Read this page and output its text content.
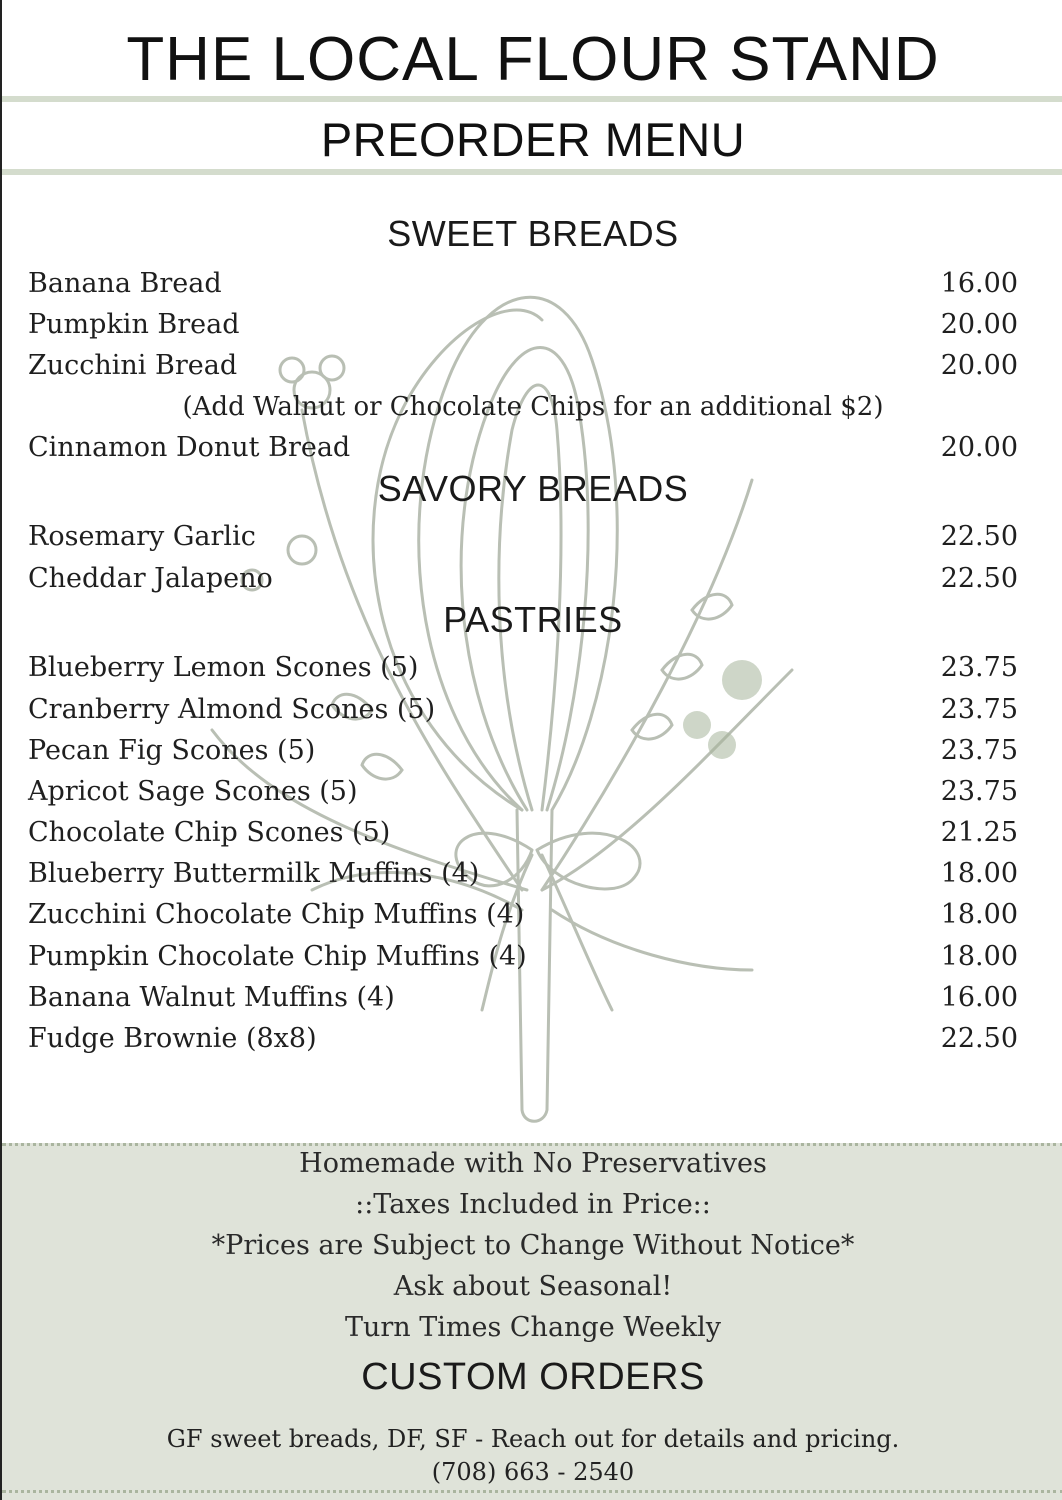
THE LOCAL FLOUR STAND
PREORDER MENU
SWEET BREADS
Banana Bread	16.00
Pumpkin Bread	20.00
Zucchini Bread	20.00
(Add Walnut or Chocolate Chips for an additional $2)
Cinnamon Donut Bread	20.00
SAVORY BREADS
Rosemary Garlic	22.50
Cheddar Jalapeno	22.50
PASTRIES
Blueberry Lemon Scones (5)	23.75
Cranberry Almond Scones (5)	23.75
Pecan Fig Scones (5)	23.75
Apricot Sage Scones (5)	23.75
Chocolate Chip Scones (5)	21.25
Blueberry Buttermilk Muffins (4)	18.00
Zucchini Chocolate Chip Muffins (4)	18.00
Pumpkin Chocolate Chip Muffins (4)	18.00
Banana Walnut Muffins (4)	16.00
Fudge Brownie (8x8)	22.50
Homemade with No Preservatives
::Taxes Included in Price::
*Prices are Subject to Change Without Notice*
Ask about Seasonal!
Turn Times Change Weekly
CUSTOM ORDERS
GF sweet breads, DF, SF - Reach out for details and pricing.
(708) 663 - 2540
